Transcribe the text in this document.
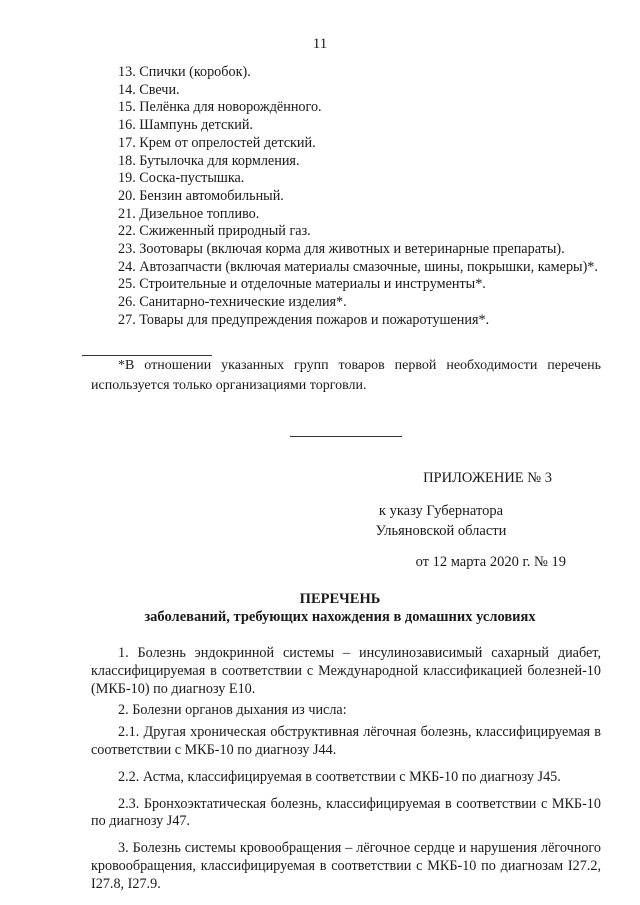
11
13. Спички (коробок).
14. Свечи.
15. Пелёнка для новорождённого.
16. Шампунь детский.
17. Крем от опрелостей детский.
18. Бутылочка для кормления.
19. Соска-пустышка.
20. Бензин автомобильный.
21. Дизельное топливо.
22. Сжиженный природный газ.
23. Зоотовары (включая корма для животных и ветеринарные препараты).
24. Автозапчасти (включая материалы смазочные, шины, покрышки, камеры)*.
25. Строительные и отделочные материалы и инструменты*.
26. Санитарно-технические изделия*.
27. Товары для предупреждения пожаров и пожаротушения*.
*В отношении указанных групп товаров первой необходимости перечень используется только организациями торговли.
ПРИЛОЖЕНИЕ № 3
к указу Губернатора
Ульяновской области
от 12 марта 2020 г. № 19
ПЕРЕЧЕНЬ
заболеваний, требующих нахождения в домашних условиях

1. Болезнь эндокринной системы – инсулинозависимый сахарный диабет, классифицируемая в соответствии с Международной классификацией болезней-10 (МКБ-10) по диагнозу Е10.

2. Болезни органов дыхания из числа:

2.1. Другая хроническая обструктивная лёгочная болезнь, классифицируемая в соответствии с МКБ-10 по диагнозу J44.

2.2. Астма, классифицируемая в соответствии с МКБ-10 по диагнозу J45.

2.3. Бронхоэктатическая болезнь, классифицируемая в соответствии с МКБ-10 по диагнозу J47.

3. Болезнь системы кровообращения – лёгочное сердце и нарушения лёгочного кровообращения, классифицируемая в соответствии с МКБ-10 по диагнозам I27.2, I27.8, I27.9.
